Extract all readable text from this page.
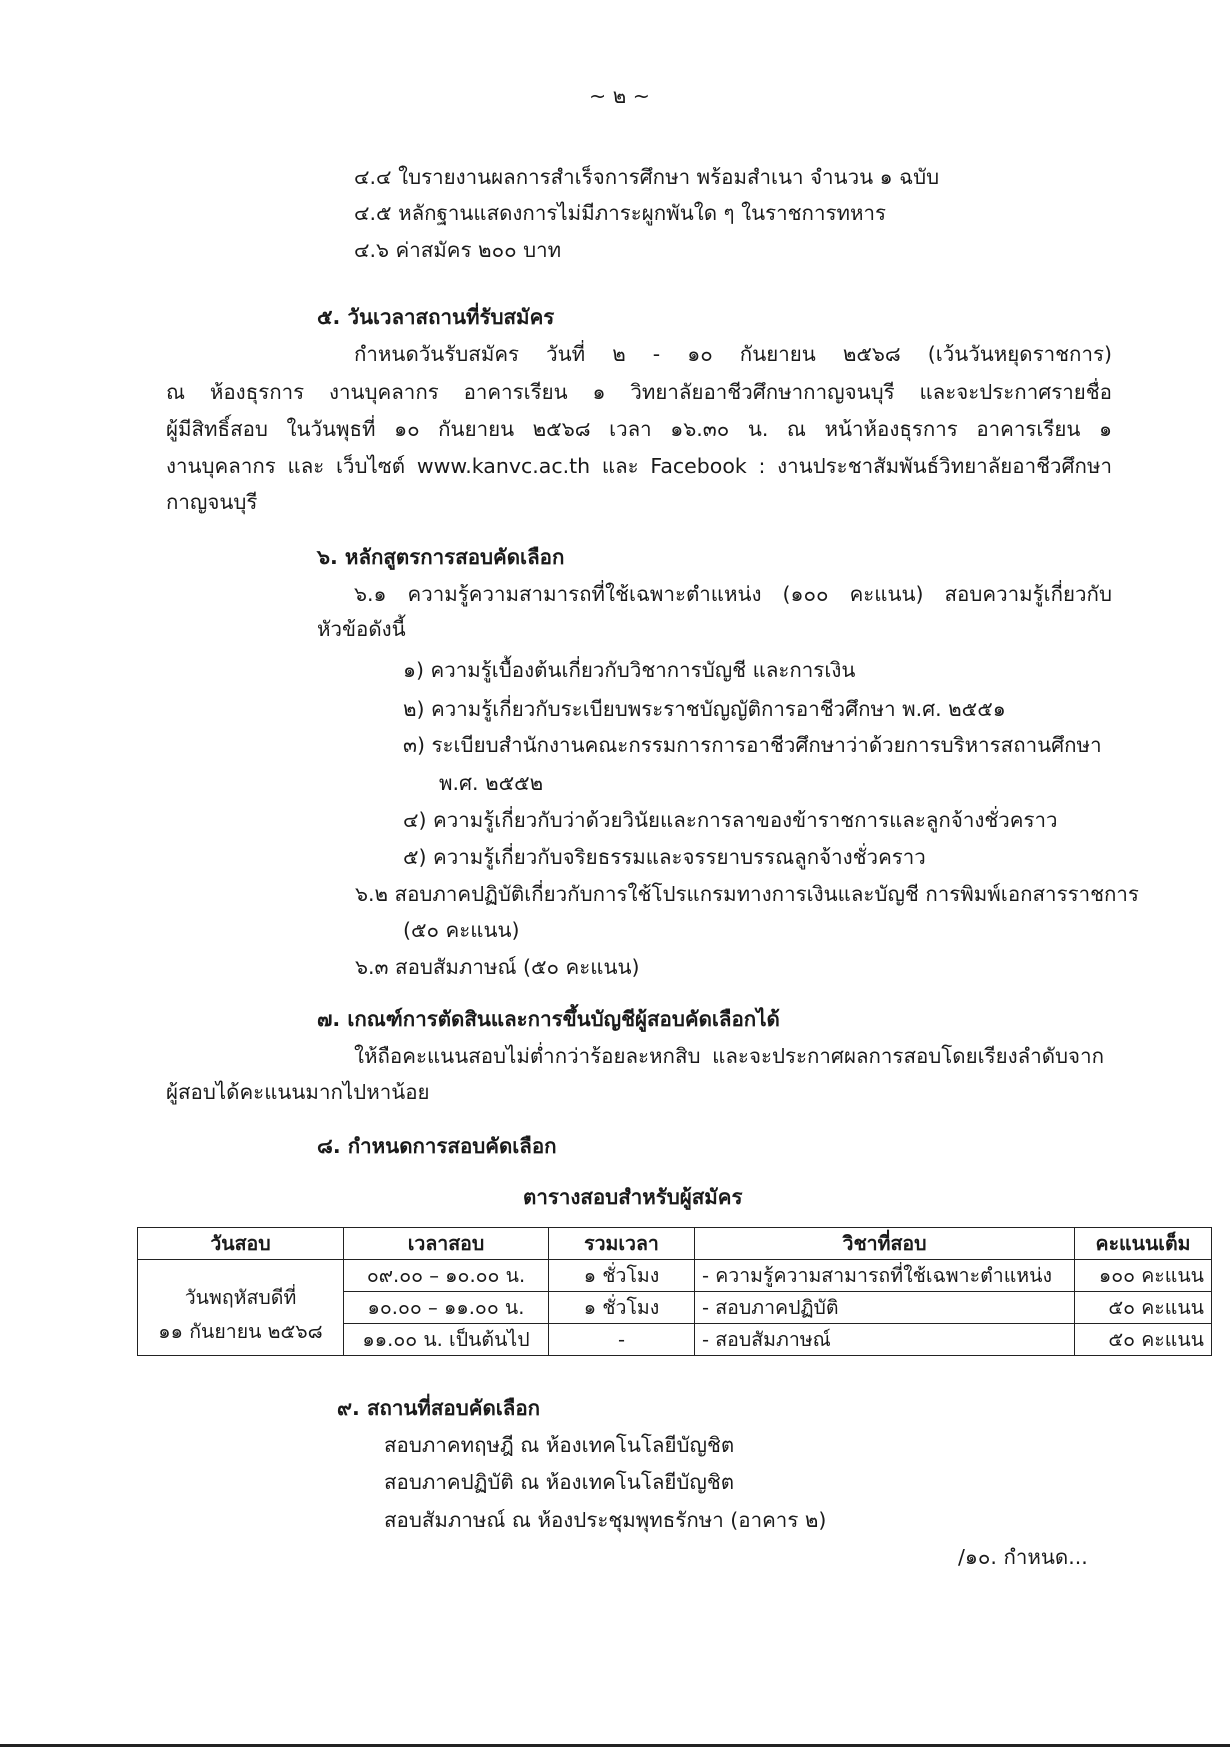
~ ๒ ~
๔.๔ ใบรายงานผลการสำเร็จการศึกษา พร้อมสำเนา จำนวน ๑ ฉบับ
๔.๕ หลักฐานแสดงการไม่มีภาระผูกพันใด ๆ ในราชการทหาร
๔.๖ ค่าสมัคร ๒๐๐ บาท
๕. วันเวลาสถานที่รับสมัคร
กำหนดวันรับสมัคร วันที่ ๒ - ๑๐ กันยายน ๒๕๖๘ (เว้นวันหยุดราชการ)
ณ ห้องธุรการ งานบุคลากร อาคารเรียน ๑ วิทยาลัยอาชีวศึกษากาญจนบุรี และจะประกาศรายชื่อ
ผู้มีสิทธิ์สอบ ในวันพุธที่ ๑๐ กันยายน ๒๕๖๘ เวลา ๑๖.๓๐ น. ณ หน้าห้องธุรการ อาคารเรียน ๑
งานบุคลากร และ เว็บไซต์ www.kanvc.ac.th และ Facebook : งานประชาสัมพันธ์วิทยาลัยอาชีวศึกษา
กาญจนบุรี
๖. หลักสูตรการสอบคัดเลือก
๖.๑ ความรู้ความสามารถที่ใช้เฉพาะตำแหน่ง (๑๐๐ คะแนน) สอบความรู้เกี่ยวกับ
หัวข้อดังนี้
๑) ความรู้เบื้องต้นเกี่ยวกับวิชาการบัญชี และการเงิน
๒) ความรู้เกี่ยวกับระเบียบพระราชบัญญัติการอาชีวศึกษา พ.ศ. ๒๕๕๑
๓) ระเบียบสำนักงานคณะกรรมการการอาชีวศึกษาว่าด้วยการบริหารสถานศึกษา
พ.ศ. ๒๕๕๒
๔) ความรู้เกี่ยวกับว่าด้วยวินัยและการลาของข้าราชการและลูกจ้างชั่วคราว
๕) ความรู้เกี่ยวกับจริยธรรมและจรรยาบรรณลูกจ้างชั่วคราว
๖.๒ สอบภาคปฏิบัติเกี่ยวกับการใช้โปรแกรมทางการเงินและบัญชี การพิมพ์เอกสารราชการ
(๕๐ คะแนน)
๖.๓ สอบสัมภาษณ์ (๕๐ คะแนน)
๗. เกณฑ์การตัดสินและการขึ้นบัญชีผู้สอบคัดเลือกได้
ให้ถือคะแนนสอบไม่ต่ำกว่าร้อยละหกสิบ และจะประกาศผลการสอบโดยเรียงลำดับจาก
ผู้สอบได้คะแนนมากไปหาน้อย
๘. กำหนดการสอบคัดเลือก
ตารางสอบสำหรับผู้สมัคร
วันสอบ	เวลาสอบ	รวมเวลา	วิชาที่สอบ	คะแนนเต็ม

วันพฤหัสบดีที่
๑๑ กันยายน ๒๕๖๘	๐๙.๐๐ – ๑๐.๐๐ น.	๑ ชั่วโมง	- ความรู้ความสามารถที่ใช้เฉพาะตำแหน่ง	๑๐๐ คะแนน
	๑๐.๐๐ – ๑๑.๐๐ น.	๑ ชั่วโมง	- สอบภาคปฏิบัติ	๕๐ คะแนน
	๑๑.๐๐ น. เป็นต้นไป	-	- สอบสัมภาษณ์	๕๐ คะแนน
๙. สถานที่สอบคัดเลือก
สอบภาคทฤษฎี ณ ห้องเทคโนโลยีบัญชิต
สอบภาคปฏิบัติ ณ ห้องเทคโนโลยีบัญชิต
สอบสัมภาษณ์ ณ ห้องประชุมพุทธรักษา (อาคาร ๒)
/๑๐. กำหนด...
